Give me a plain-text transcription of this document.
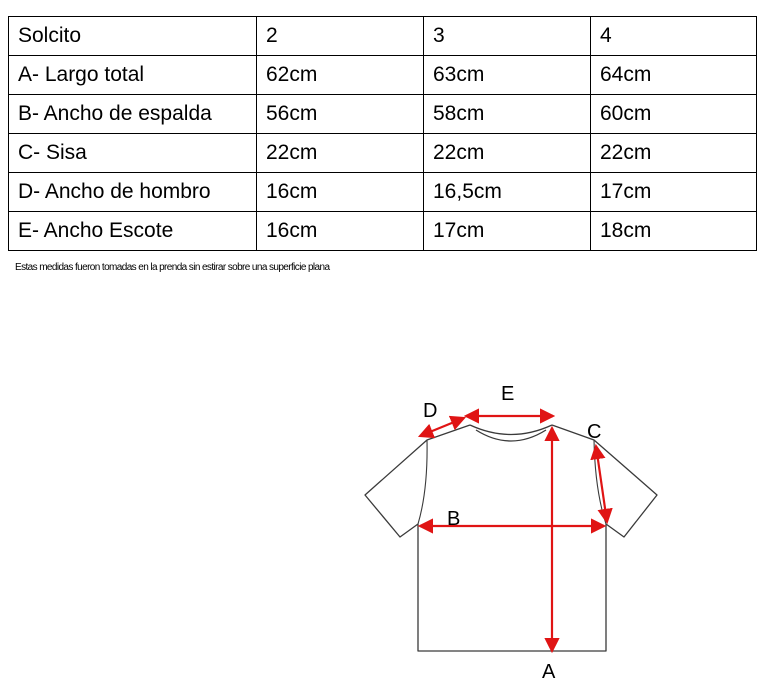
Solcito	2	3	4
A- Largo total	62cm	63cm	64cm
B- Ancho de espalda	56cm	58cm	60cm
C- Sisa	22cm	22cm	22cm
D- Ancho de hombro	16cm	16,5cm	17cm
E- Ancho Escote	16cm	17cm	18cm
Estas medidas fueron tomadas en la prenda sin estirar sobre una superficie plana
D
E
C
B
A
